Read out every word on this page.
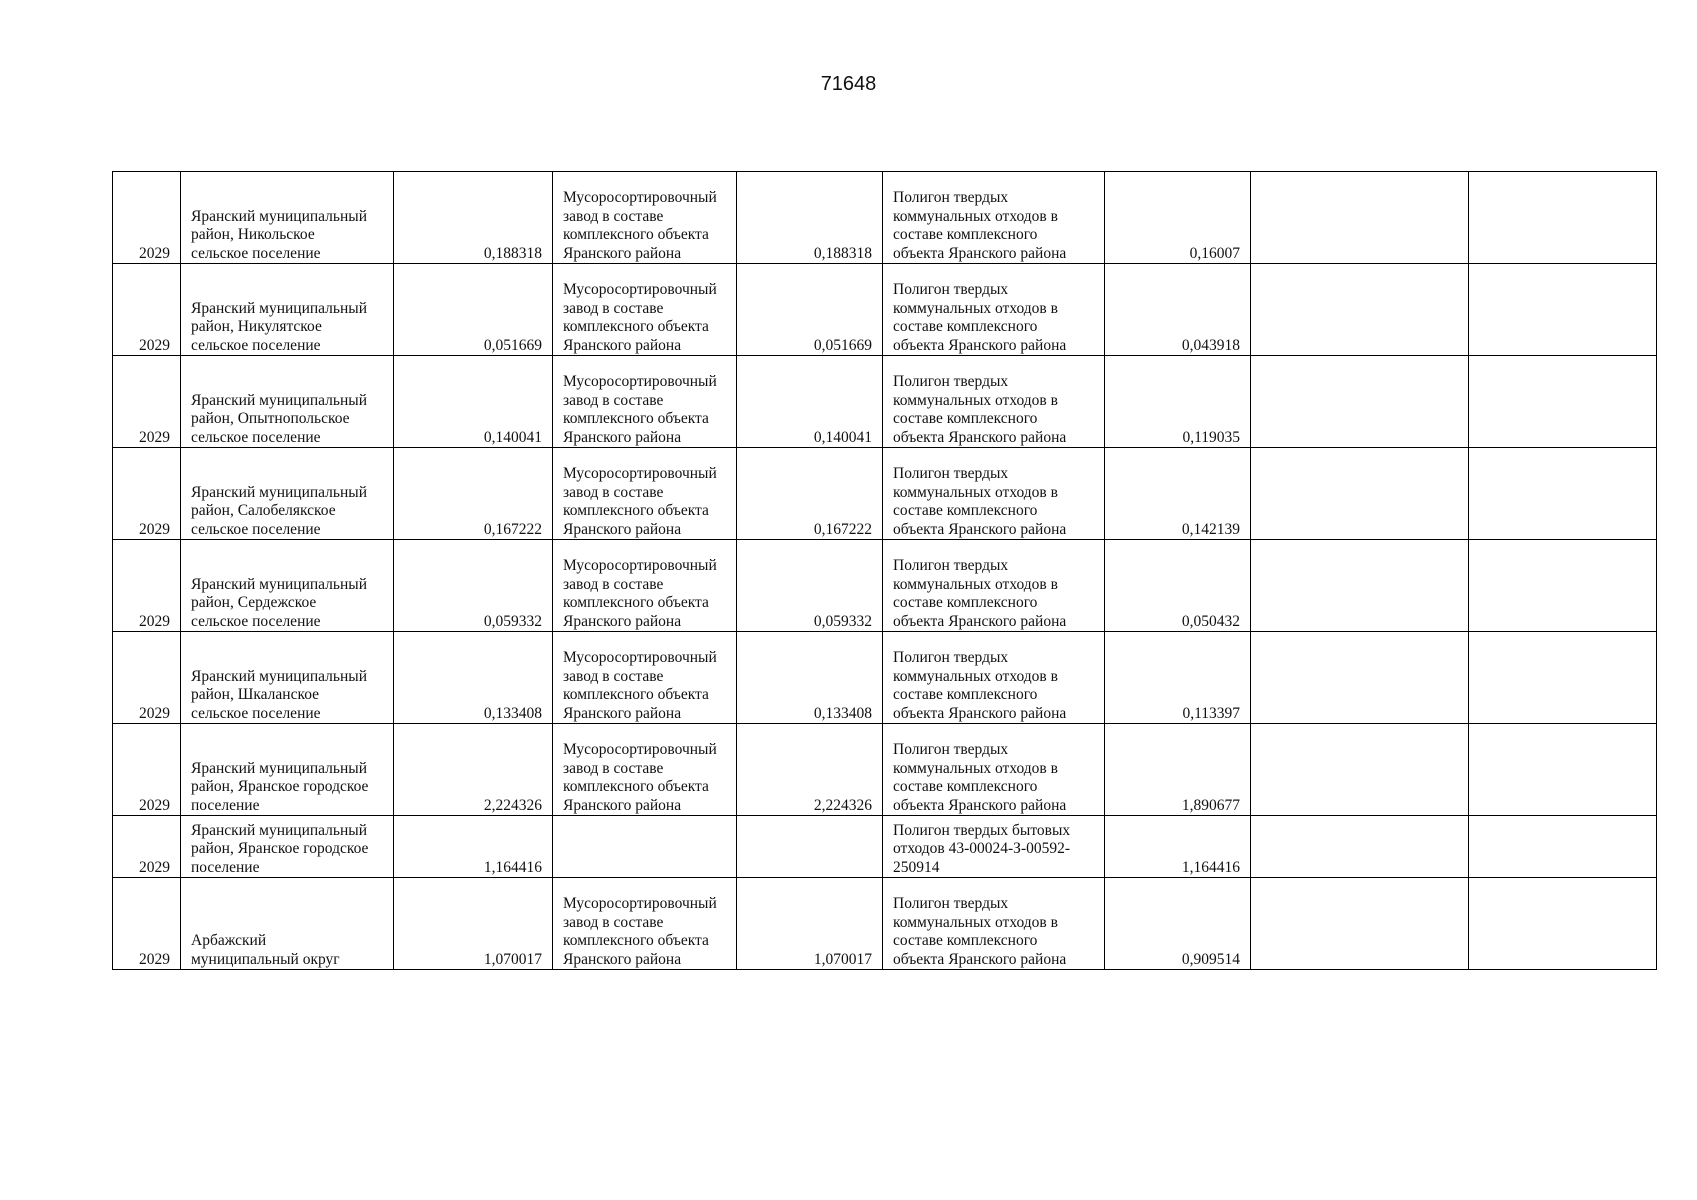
71648
2029	Яранский муниципальный
район, Никольское
сельское поселение	0,188318	Мусоросортировочный
завод в составе
комплексного объекта
Яранского района	0,188318	Полигон твердых
коммунальных отходов в
составе комплексного
объекта Яранского района	0,16007		
2029	Яранский муниципальный
район, Никулятское
сельское поселение	0,051669	Мусоросортировочный
завод в составе
комплексного объекта
Яранского района	0,051669	Полигон твердых
коммунальных отходов в
составе комплексного
объекта Яранского района	0,043918		
2029	Яранский муниципальный
район, Опытнопольское
сельское поселение	0,140041	Мусоросортировочный
завод в составе
комплексного объекта
Яранского района	0,140041	Полигон твердых
коммунальных отходов в
составе комплексного
объекта Яранского района	0,119035		
2029	Яранский муниципальный
район, Салобелякское
сельское поселение	0,167222	Мусоросортировочный
завод в составе
комплексного объекта
Яранского района	0,167222	Полигон твердых
коммунальных отходов в
составе комплексного
объекта Яранского района	0,142139		
2029	Яранский муниципальный
район, Сердежское
сельское поселение	0,059332	Мусоросортировочный
завод в составе
комплексного объекта
Яранского района	0,059332	Полигон твердых
коммунальных отходов в
составе комплексного
объекта Яранского района	0,050432		
2029	Яранский муниципальный
район, Шкаланское
сельское поселение	0,133408	Мусоросортировочный
завод в составе
комплексного объекта
Яранского района	0,133408	Полигон твердых
коммунальных отходов в
составе комплексного
объекта Яранского района	0,113397		
2029	Яранский муниципальный
район, Яранское городское
поселение	2,224326	Мусоросортировочный
завод в составе
комплексного объекта
Яранского района	2,224326	Полигон твердых
коммунальных отходов в
составе комплексного
объекта Яранского района	1,890677		
2029	Яранский муниципальный
район, Яранское городское
поселение	1,164416			Полигон твердых бытовых
отходов 43-00024-З-00592-
250914	1,164416		
2029	Арбажский
муниципальный округ	1,070017	Мусоросортировочный
завод в составе
комплексного объекта
Яранского района	1,070017	Полигон твердых
коммунальных отходов в
составе комплексного
объекта Яранского района	0,909514		
